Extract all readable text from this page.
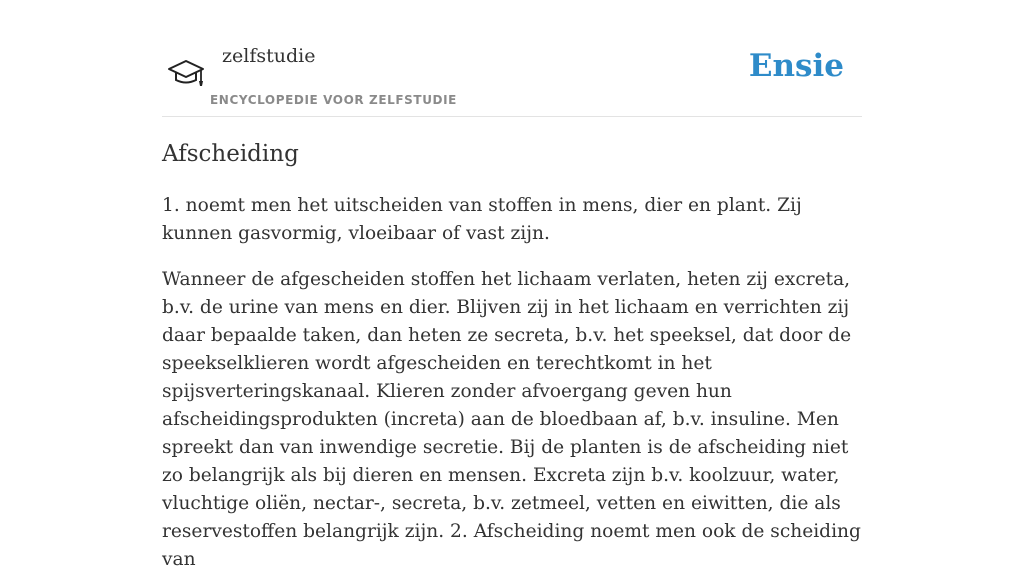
zelfstudie
ENCYCLOPEDIE VOOR ZELFSTUDIE
Ensie
Afscheiding

1. noemt men het uitscheiden van stoffen in mens, dier en plant. Zij kunnen gasvormig, vloeibaar of vast zijn.

Wanneer de afgescheiden stoffen het lichaam verlaten, heten zij excreta, b.v. de urine van mens en dier. Blijven zij in het lichaam en verrichten zij daar bepaalde taken, dan heten ze secreta, b.v. het speeksel, dat door de speekselklieren wordt afgescheiden en terechtkomt in het spijsverteringskanaal. Klieren zonder afvoergang geven hun afscheidingsprodukten (increta) aan de bloedbaan af, b.v. insuline. Men spreekt dan van inwendige secretie. Bij de planten is de afscheiding niet zo belangrijk als bij dieren en mensen. Excreta zijn b.v. koolzuur, water, vluchtige oliën, nectar-, secreta, b.v. zetmeel, vetten en eiwitten, die als reservestoffen belangrijk zijn. 2. Afscheiding noemt men ook de scheiding van
